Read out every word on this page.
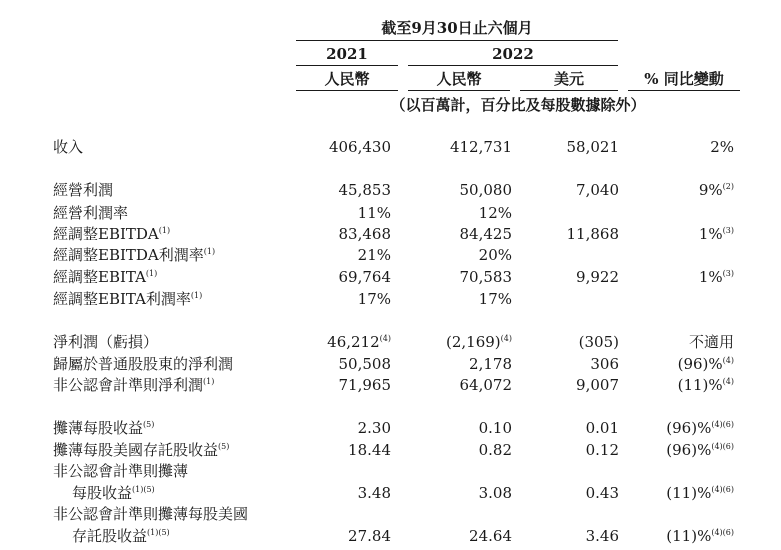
截至9月30日止六個月
2021	2022
人民幣	人民幣	美元	% 同比變動
（以百萬計，百分比及每股數據除外）
收入	406,430	412,731	58,021	2%
經營利潤	45,853	50,080	7,040	9%$^{(2)}$
經營利潤率	11%	12%
經調整EBITDA$^{(1)}$	83,468	84,425	11,868	1%$^{(3)}$
經調整EBITDA利潤率$^{(1)}$	21%	20%
經調整EBITA$^{(1)}$	69,764	70,583	9,922	1%$^{(3)}$
經調整EBITA利潤率$^{(1)}$	17%	17%
淨利潤（虧損）	46,212$^{(4)}$	$(2,169)^{(4)}$	(305)	不適用
歸屬於普通股股東的淨利潤	50,508	2,178	306	(96)%$^{(4)}$
非公認會計準則淨利潤$^{(1)}$	71,965	64,072	9,007	(11)%$^{(4)}$
攤薄每股收益$^{(5)}$	2.30	0.10	0.01	(96)%$^{(4)(6)}$
攤薄每股美國存託股收益$^{(5)}$	18.44	0.82	0.12	(96)%$^{(4)(6)}$
非公認會計準則攤薄
每股收益$^{(1)(5)}$	3.48	3.08	0.43	(11)%$^{(4)(6)}$
非公認會計準則攤薄每股美國
存託股收益$^{(1)(5)}$	27.84	24.64	3.46	(11)%$^{(4)(6)}$
